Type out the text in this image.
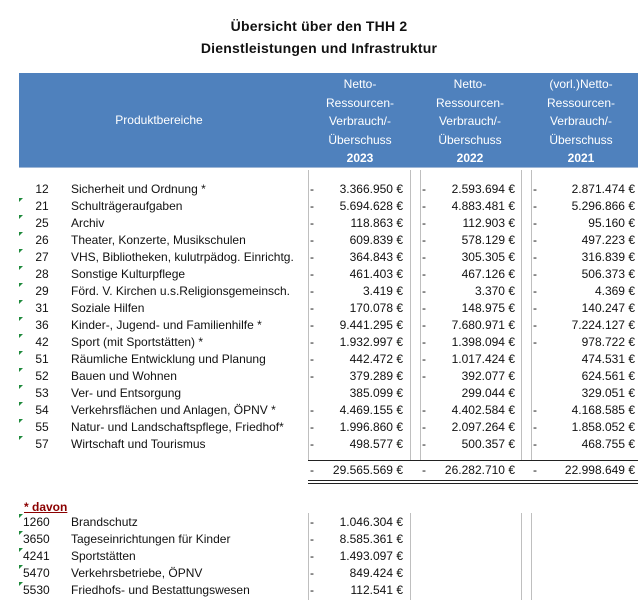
Übersicht über den THH 2
Dienstleistungen und Infrastruktur
Produktbereiche
Netto-
Ressourcen-
Verbrauch/-
Überschuss
2023
Netto-
Ressourcen-
Verbrauch/-
Überschuss
2022
(vorl.)Netto-
Ressourcen-
Verbrauch/-
Überschuss
2021
12	Sicherheit und Ordnung *	-	3.366.950 € -	2.593.694 € -	2.871.474 €
21	Schulträgeraufgaben	-	5.694.628 € -	4.883.481 € -	5.296.866 €
25	Archiv	-	118.863 € -	112.903 € -	95.160 €
26	Theater, Konzerte, Musikschulen	-	609.839 € -	578.129 € -	497.223 €
27	VHS, Bibliotheken, kulutrpädog. Einrichtg. -	364.843 € -	305.305 € -	316.839 €
28	Sonstige Kulturpflege	-	461.403 € -	467.126 € -	506.373 €
29	Förd. V. Kirchen u.s.Religionsgemeinsch. -	3.419 € -	3.370 € -	4.369 €
31	Soziale Hilfen	-	170.078 € -	148.975 € -	140.247 €
36	Kinder-, Jugend- und Familienhilfe *	-	9.441.295 € -	7.680.971 € -	7.224.127 €
42	Sport (mit Sportstätten) *	-	1.932.997 € -	1.398.094 € -	978.722 €
51	Räumliche Entwicklung und Planung	-	442.472 € -	1.017.424 €	474.531 €
52	Bauen und Wohnen	-	379.289 € -	392.077 €	624.561 €
53	Ver- und Entsorgung	385.099 €	299.044 €	329.051 €
54	Verkehrsflächen und Anlagen, ÖPNV *	-	4.469.155 € -	4.402.584 € -	4.168.585 €
55	Natur- und Landschaftspflege, Friedhof* -	1.996.860 € -	2.097.264 € -	1.858.052 €
57	Wirtschaft und Tourismus	-	498.577 € -	500.357 € -	468.755 €
-	29.565.569 € -	26.282.710 € -	22.998.649 €
* davon
1260	Brandschutz	-	1.046.304 €
3650	Tageseinrichtungen für Kinder	-	8.585.361 €
4241	Sportstätten	-	1.493.097 €
5470	Verkehrsbetriebe, ÖPNV	-	849.424 €
5530	Friedhofs- und Bestattungswesen	-	112.541 €
